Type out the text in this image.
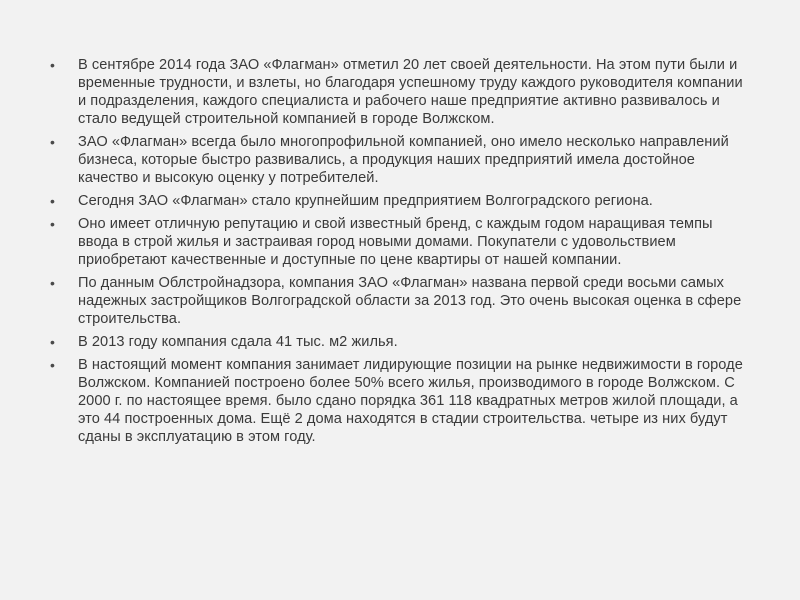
•	В сентябре 2014 года ЗАО «Флагман» отметил 20 лет своей деятельности. На этом пути были и временные трудности, и взлеты, но благодаря успешному труду каждого руководителя компании и подразделения, каждого специалиста и рабочего наше предприятие активно развивалось и стало ведущей строительной компанией в городе Волжском.
•	ЗАО «Флагман» всегда было многопрофильной компанией, оно имело несколько направлений бизнеса, которые быстро развивались, а продукция наших предприятий имела достойное качество и высокую оценку у потребителей.
•	Сегодня ЗАО «Флагман» стало крупнейшим предприятием Волгоградского региона.
•	Оно имеет отличную репутацию и свой известный бренд, с каждым годом наращивая темпы ввода в строй жилья и застраивая город новыми домами. Покупатели с удовольствием приобретают качественные и доступные по цене квартиры от нашей компании.
•	По данным Облстройнадзора, компания ЗАО «Флагман» названа первой среди восьми самых надежных застройщиков Волгоградской области за 2013 год. Это очень высокая оценка в сфере строительства.
•	В 2013 году компания сдала 41 тыс. м2 жилья.
•	В настоящий момент компания занимает лидирующие позиции на рынке недвижимости в городе Волжском. Компанией построено более 50% всего жилья, производимого в городе Волжском. С 2000 г. по настоящее время. было сдано порядка 361 118 квадратных метров жилой площади, а это 44 построенных дома. Ещё 2 дома находятся в стадии строительства. четыре из них будут сданы в эксплуатацию в этом году.
